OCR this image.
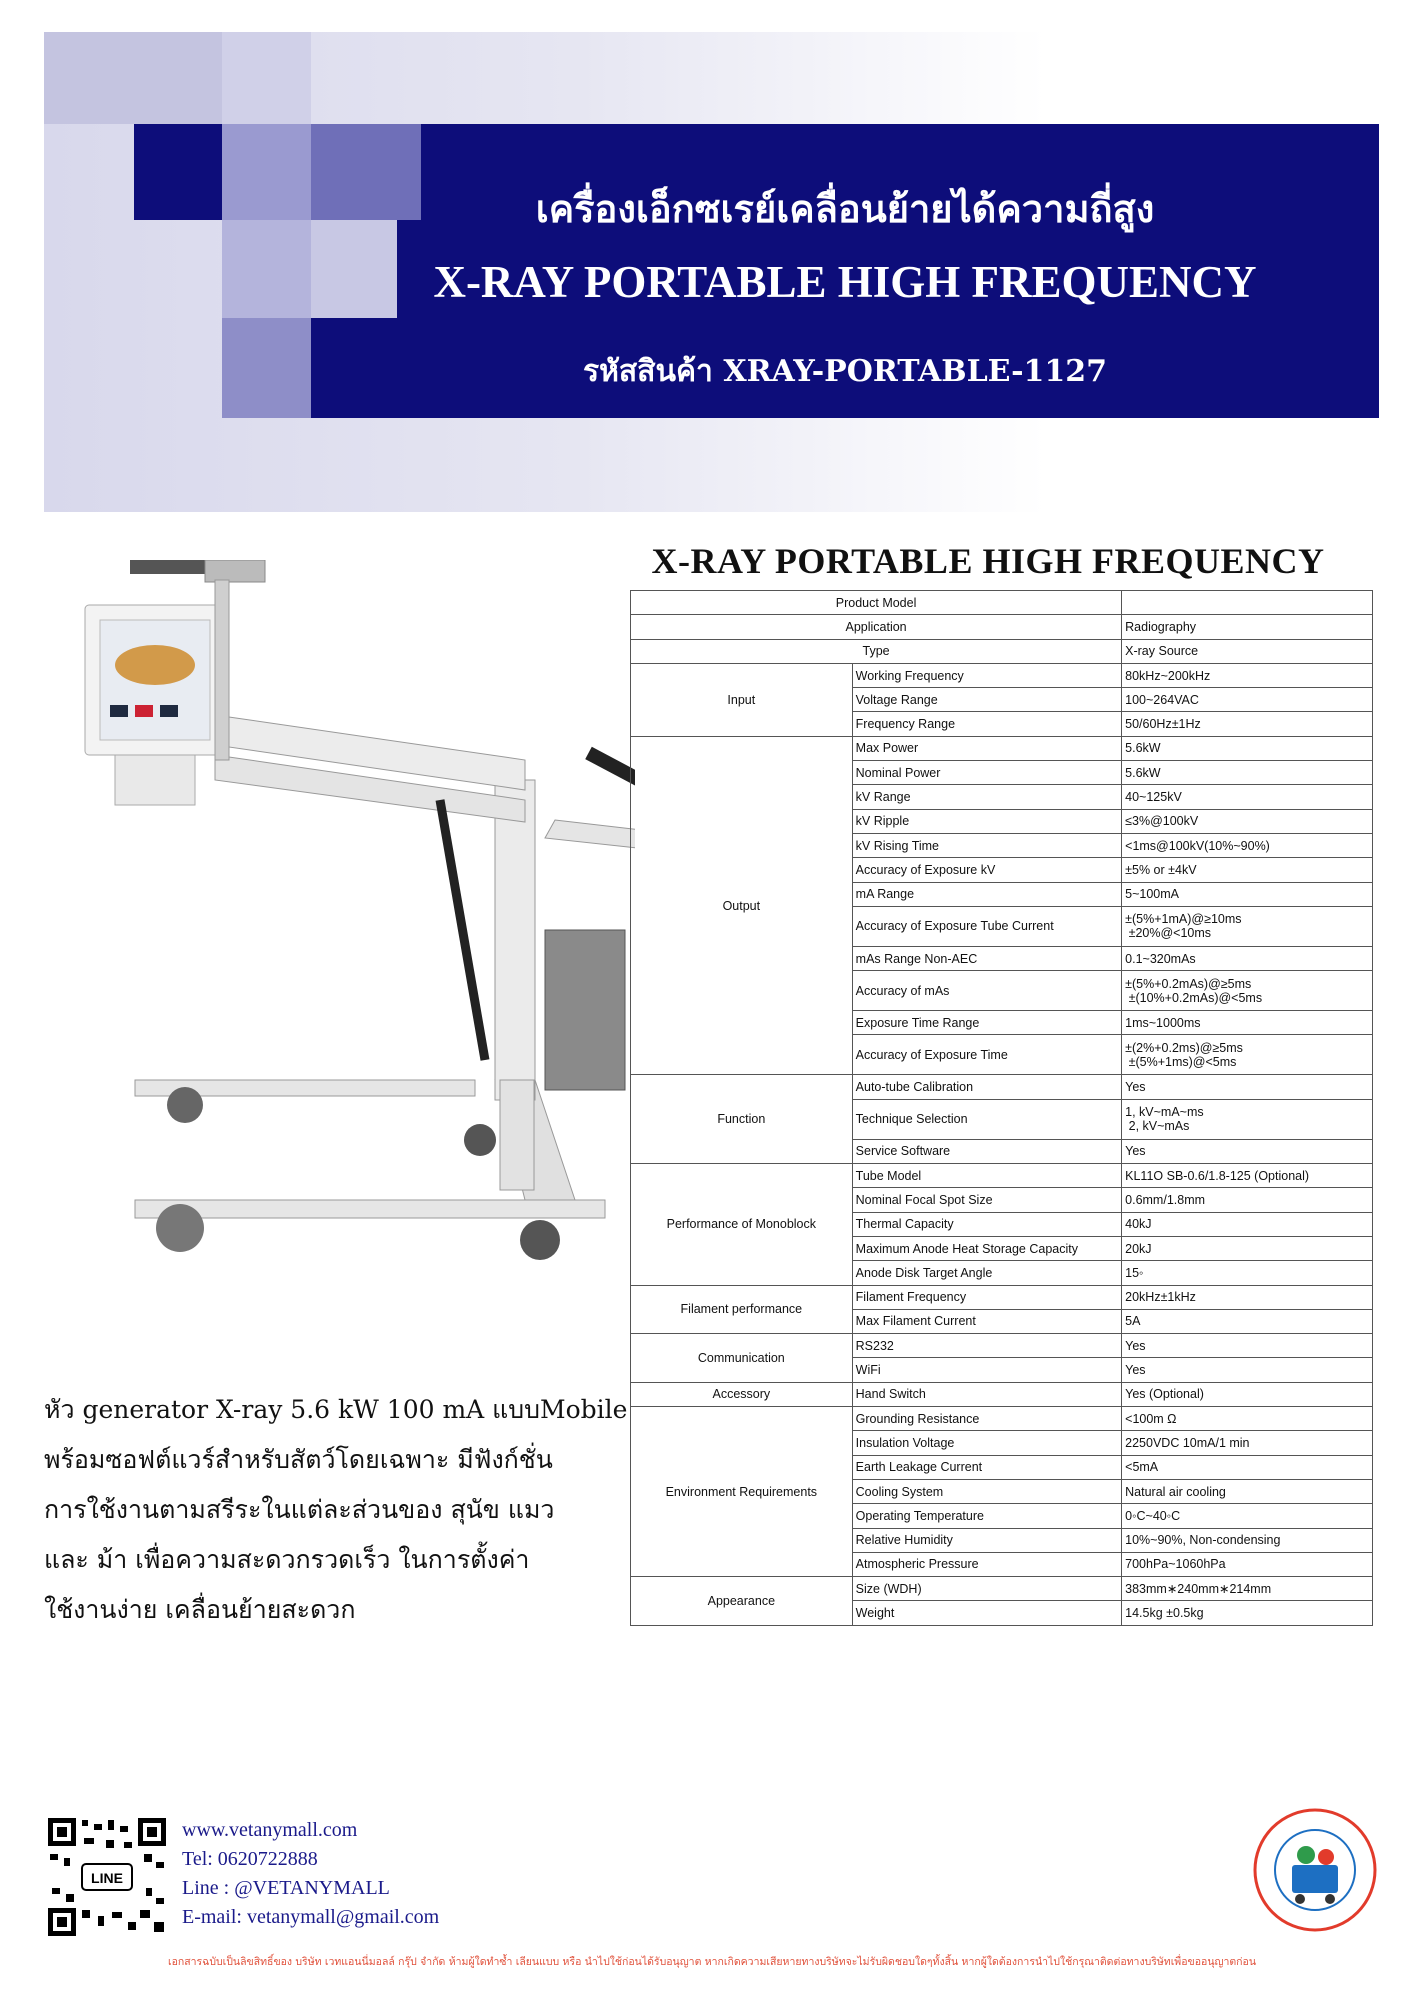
เครื่องเอ็กซเรย์เคลื่อนย้ายได้ความถี่สูง
X-RAY PORTABLE HIGH FREQUENCY
รหัสสินค้า XRAY-PORTABLE-1127
X-RAY PORTABLE HIGH FREQUENCY
Product Model		
Application		Radiography
Type		X-ray Source
Input	Working Frequency	80kHz~200kHz
	Voltage Range	100~264VAC
	Frequency Range	50/60Hz±1Hz
Output	Max Power	5.6kW
	Nominal Power	5.6kW
	kV Range	40~125kV
	kV Ripple	≤3%@100kV
	kV Rising Time	<1ms@100kV(10%~90%)
	Accuracy of Exposure kV	±5% or ±4kV
	mA Range	5~100mA
	Accuracy of Exposure Tube Current	±(5%+1mA)@≥10ms
±20%@<10ms
	mAs Range Non-AEC	0.1~320mAs
	Accuracy of mAs	±(5%+0.2mAs)@≥5ms
±(10%+0.2mAs)@<5ms
	Exposure Time Range	1ms~1000ms
	Accuracy of Exposure Time	±(2%+0.2ms)@≥5ms
±(5%+1ms)@<5ms
Function	Auto-tube Calibration	Yes
	Technique Selection	1, kV~mA~ms
2, kV~mAs
	Service Software	Yes
Performance of Monoblock	Tube Model	KL11O SB-0.6/1.8-125 (Optional)
	Nominal Focal Spot Size	0.6mm/1.8mm
	Thermal Capacity	40kJ
	Maximum Anode Heat Storage Capacity	20kJ
	Anode Disk Target Angle	15◦
Filament performance	Filament Frequency	20kHz±1kHz
	Max Filament Current	5A
Communication	RS232	Yes
	WiFi	Yes
Accessory	Hand Switch	Yes (Optional)
Environment Requirements	Grounding Resistance	<100m Ω
	Insulation Voltage	2250VDC 10mA/1 min
	Earth Leakage Current	<5mA
	Cooling System	Natural air cooling
	Operating Temperature	0◦C~40◦C
	Relative Humidity	10%~90%, Non-condensing
	Atmospheric Pressure	700hPa~1060hPa
Appearance	Size (WDH)	383mm∗240mm∗214mm
	Weight	14.5kg ±0.5kg
หัว generator X-ray 5.6 kW 100 mA แบบMobile
พร้อมซอฟต์แวร์สำหรับสัตว์โดยเฉพาะ มีฟังก์ชั่น
การใช้งานตามสรีระในแต่ละส่วนของ สุนัข แมว
และ ม้า เพื่อความสะดวกรวดเร็ว ในการตั้งค่า
ใช้งานง่าย เคลื่อนย้ายสะดวก
LINE
www.vetanymall.com
Tel: 0620722888
Line : @VETANYMALL
E-mail: vetanymall@gmail.com
เอกสารฉบับเป็นลิขสิทธิ์ของ บริษัท เวทแอนนี่มอลล์ กรุ๊ป จำกัด ห้ามผู้ใดทำซ้ำ เลียนแบบ หรือ นำไปใช้ก่อนได้รับอนุญาต หากเกิดความเสียหายทางบริษัทจะไม่รับผิดชอบใดๆทั้งสิ้น หากผู้ใดต้องการนำไปใช้กรุณาติดต่อทางบริษัทเพื่อขออนุญาตก่อน
